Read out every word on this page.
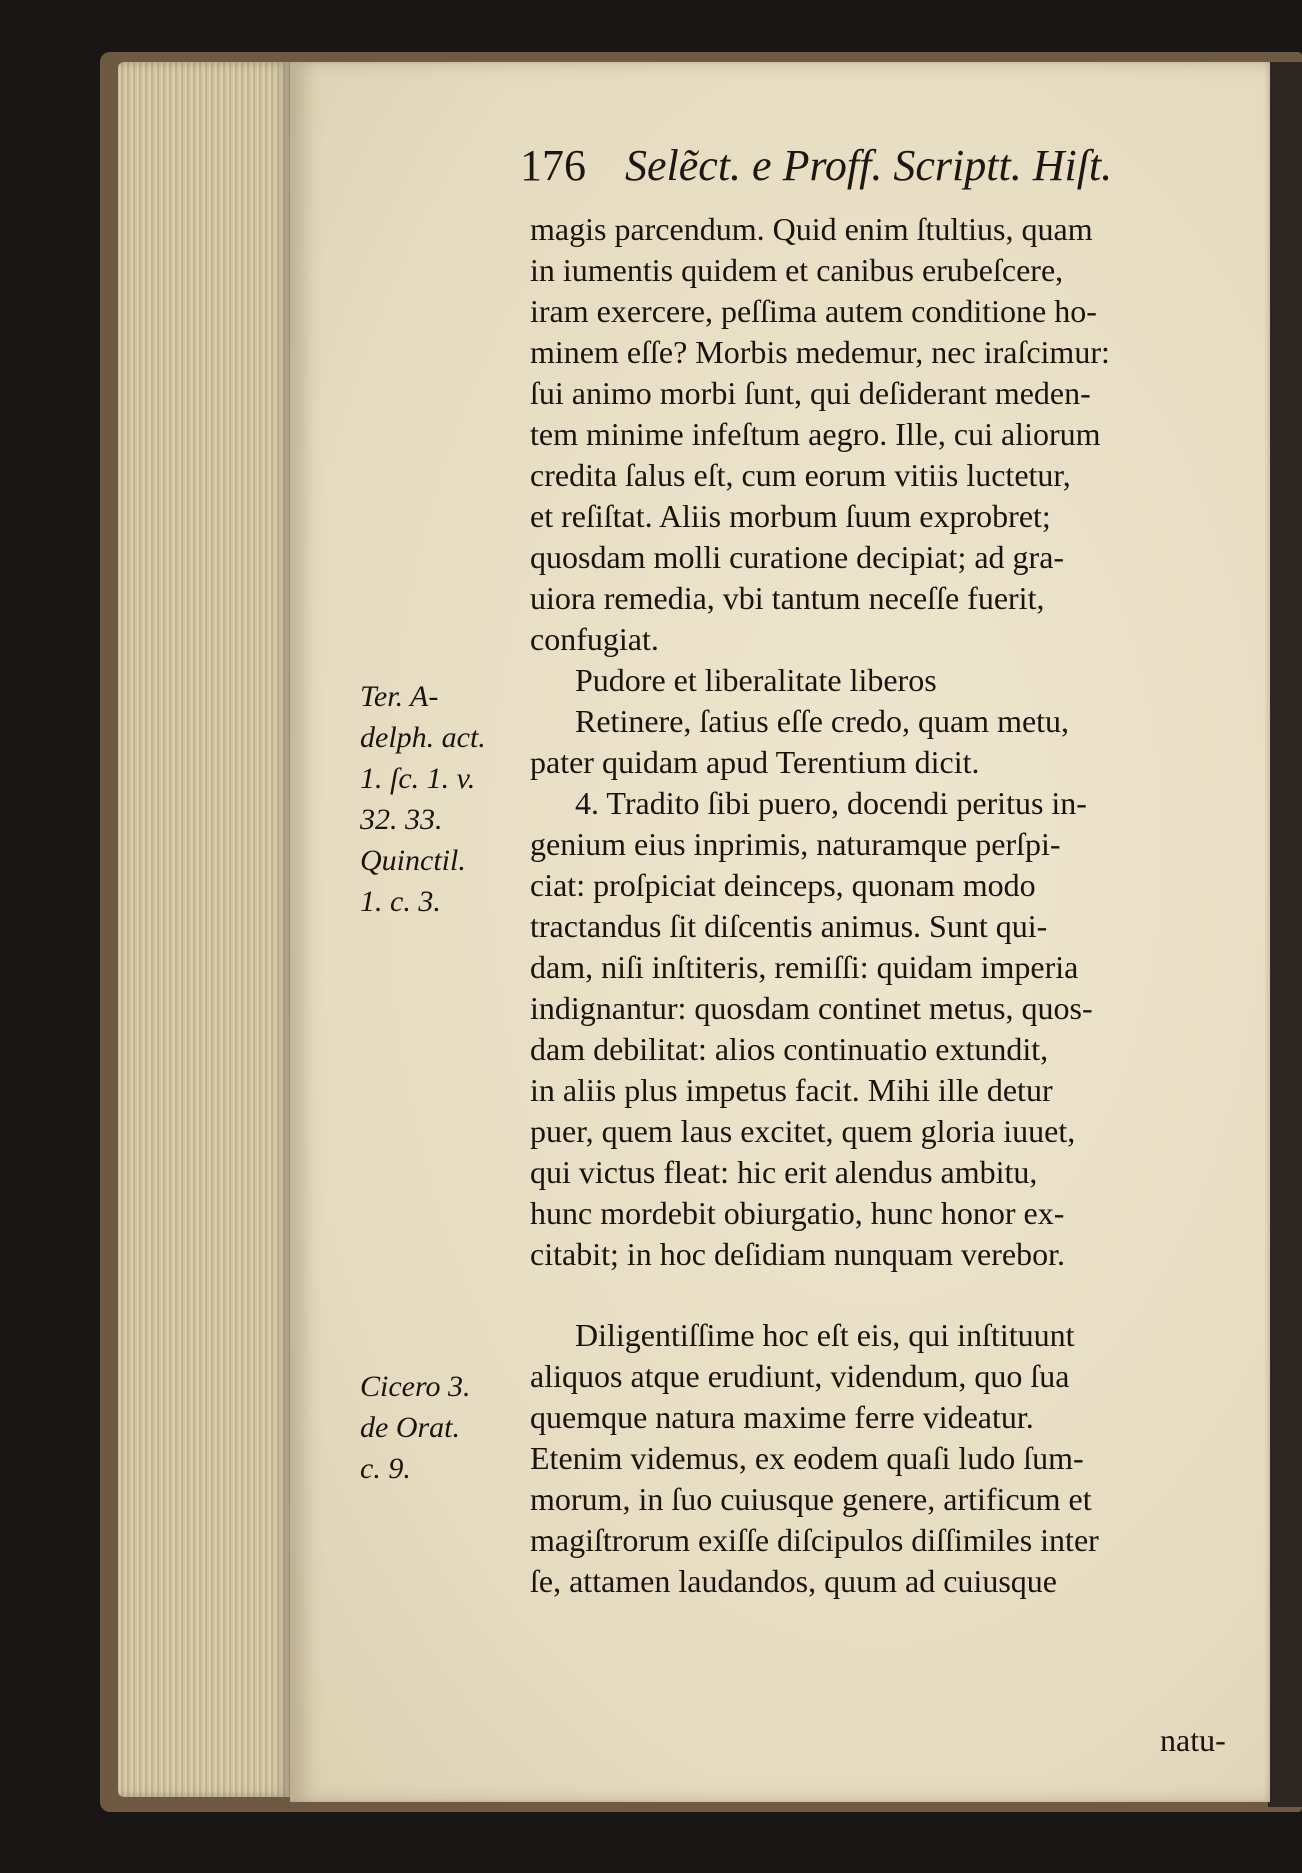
176 Selẽct. e Proff. Scriptt. Hiſt.
magis parcendum. Quid enim ſtultius, quam
in iumentis quidem et canibus erubeſcere,
iram exercere, peſſima autem conditione ho-
minem eſſe? Morbis medemur, nec iraſcimur:
ſui animo morbi ſunt, qui deſiderant meden-
tem minime infeſtum aegro. Ille, cui aliorum
credita ſalus eſt, cum eorum vitiis luctetur,
et reſiſtat. Aliis morbum ſuum exprobret;
quosdam molli curatione decipiat; ad gra-
uiora remedia, vbi tantum neceſſe fuerit,
confugiat.
Pudore et liberalitate liberos
Retinere, ſatius eſſe credo, quam metu,
pater quidam apud Terentium dicit.
4. Tradito ſibi puero, docendi peritus in-
genium eius inprimis, naturamque perſpi-
ciat: proſpiciat deinceps, quonam modo
tractandus ſit diſcentis animus. Sunt qui-
dam, niſi inſtiteris, remiſſi: quidam imperia
indignantur: quosdam continet metus, quos-
dam debilitat: alios continuatio extundit,
in aliis plus impetus facit. Mihi ille detur
puer, quem laus excitet, quem gloria iuuet,
qui victus fleat: hic erit alendus ambitu,
hunc mordebit obiurgatio, hunc honor ex-
citabit; in hoc deſidiam nunquam verebor.
Diligentiſſime hoc eſt eis, qui inſtituunt
aliquos atque erudiunt, videndum, quo ſua
quemque natura maxime ferre videatur.
Etenim videmus, ex eodem quaſi ludo ſum-
morum, in ſuo cuiusque genere, artificum et
magiſtrorum exiſſe diſcipulos diſſimiles inter
ſe, attamen laudandos, quum ad cuiusque
natu-
Ter. A-
delph. act.
1. ſc. 1. v.
32. 33.
Quinctil.
1. c. 3.
Cicero 3.
de Orat.
c. 9.
